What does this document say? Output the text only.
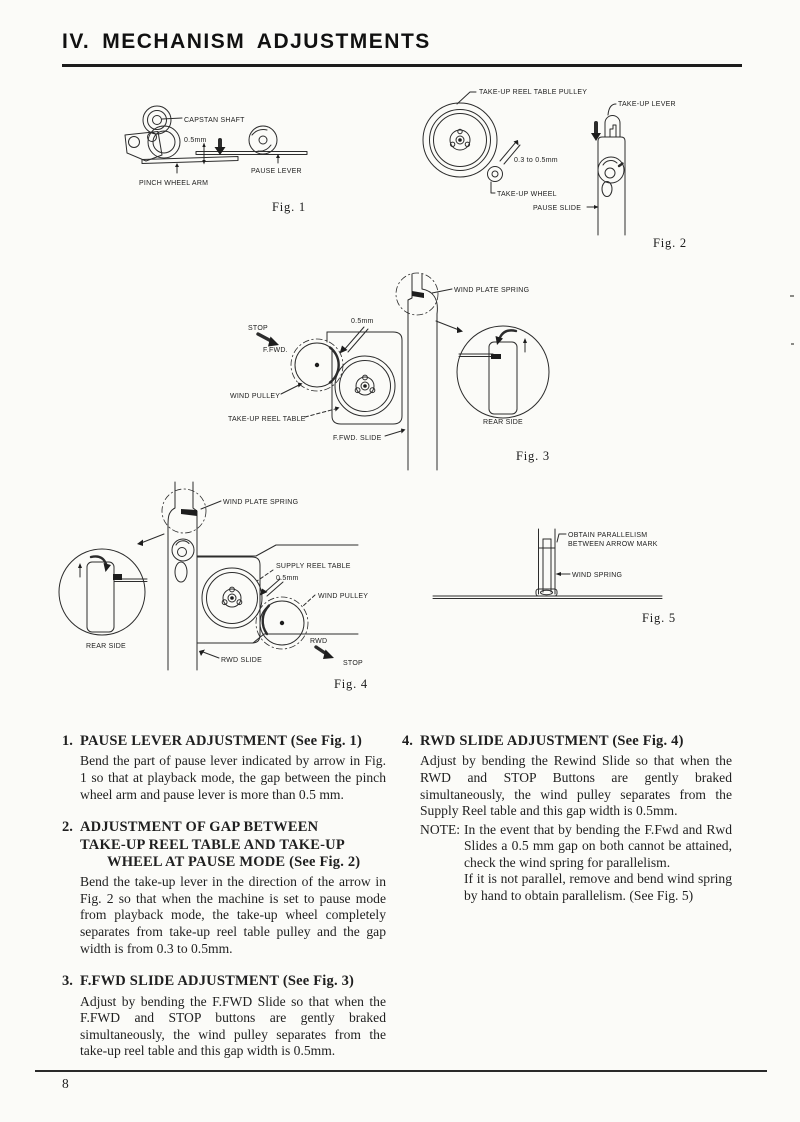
IV. MECHANISM ADJUSTMENTS
CAPSTAN SHAFT
0.5mm
PAUSE LEVER
PINCH WHEEL ARM
Fig. 1
TAKE-UP REEL TABLE PULLEY
TAKE-UP LEVER
0.3 to 0.5mm
TAKE-UP WHEEL
PAUSE SLIDE
Fig. 2
WIND PLATE SPRING
0.5mm
STOP
F.FWD.
WIND PULLEY
TAKE-UP REEL TABLE
F.FWD. SLIDE
REAR SIDE
Fig. 3
WIND PLATE SPRING
SUPPLY REEL TABLE
0.5mm
WIND PULLEY
RWD
STOP
REAR SIDE
RWD SLIDE
Fig. 4
OBTAIN PARALLELISM
BETWEEN ARROW MARK
WIND SPRING
Fig. 5
1. PAUSE LEVER ADJUSTMENT (See Fig. 1)

Bend the part of pause lever indicated by arrow in Fig. 1 so that at playback mode, the gap between the pinch wheel arm and pause lever is more than 0.5 mm.

2. ADJUSTMENT OF GAP BETWEEN
TAKE-UP REEL TABLE AND TAKE-UP
WHEEL AT PAUSE MODE (See Fig. 2)

Bend the take-up lever in the direction of the arrow in Fig. 2 so that when the machine is set to pause mode from playback mode, the take-up wheel completely separates from take-up reel table pulley and the gap width is from 0.3 to 0.5mm.

3. F.FWD SLIDE ADJUSTMENT (See Fig. 3)

Adjust by bending the F.FWD Slide so that when the F.FWD and STOP buttons are gently braked simultaneously, the wind pulley separates from the take-up reel table and this gap width is 0.5mm.

4. RWD SLIDE ADJUSTMENT (See Fig. 4)

Adjust by bending the Rewind Slide so that when the RWD and STOP Buttons are gently braked simultaneously, the wind pulley separates from the Supply Reel table and this gap width is 0.5mm.

NOTE: In the event that by bending the F.Fwd and Rwd Slides a 0.5 mm gap on both cannot be attained, check the wind spring for parallelism.

If it is not parallel, remove and bend wind spring by hand to obtain parallelism. (See Fig. 5)

8
